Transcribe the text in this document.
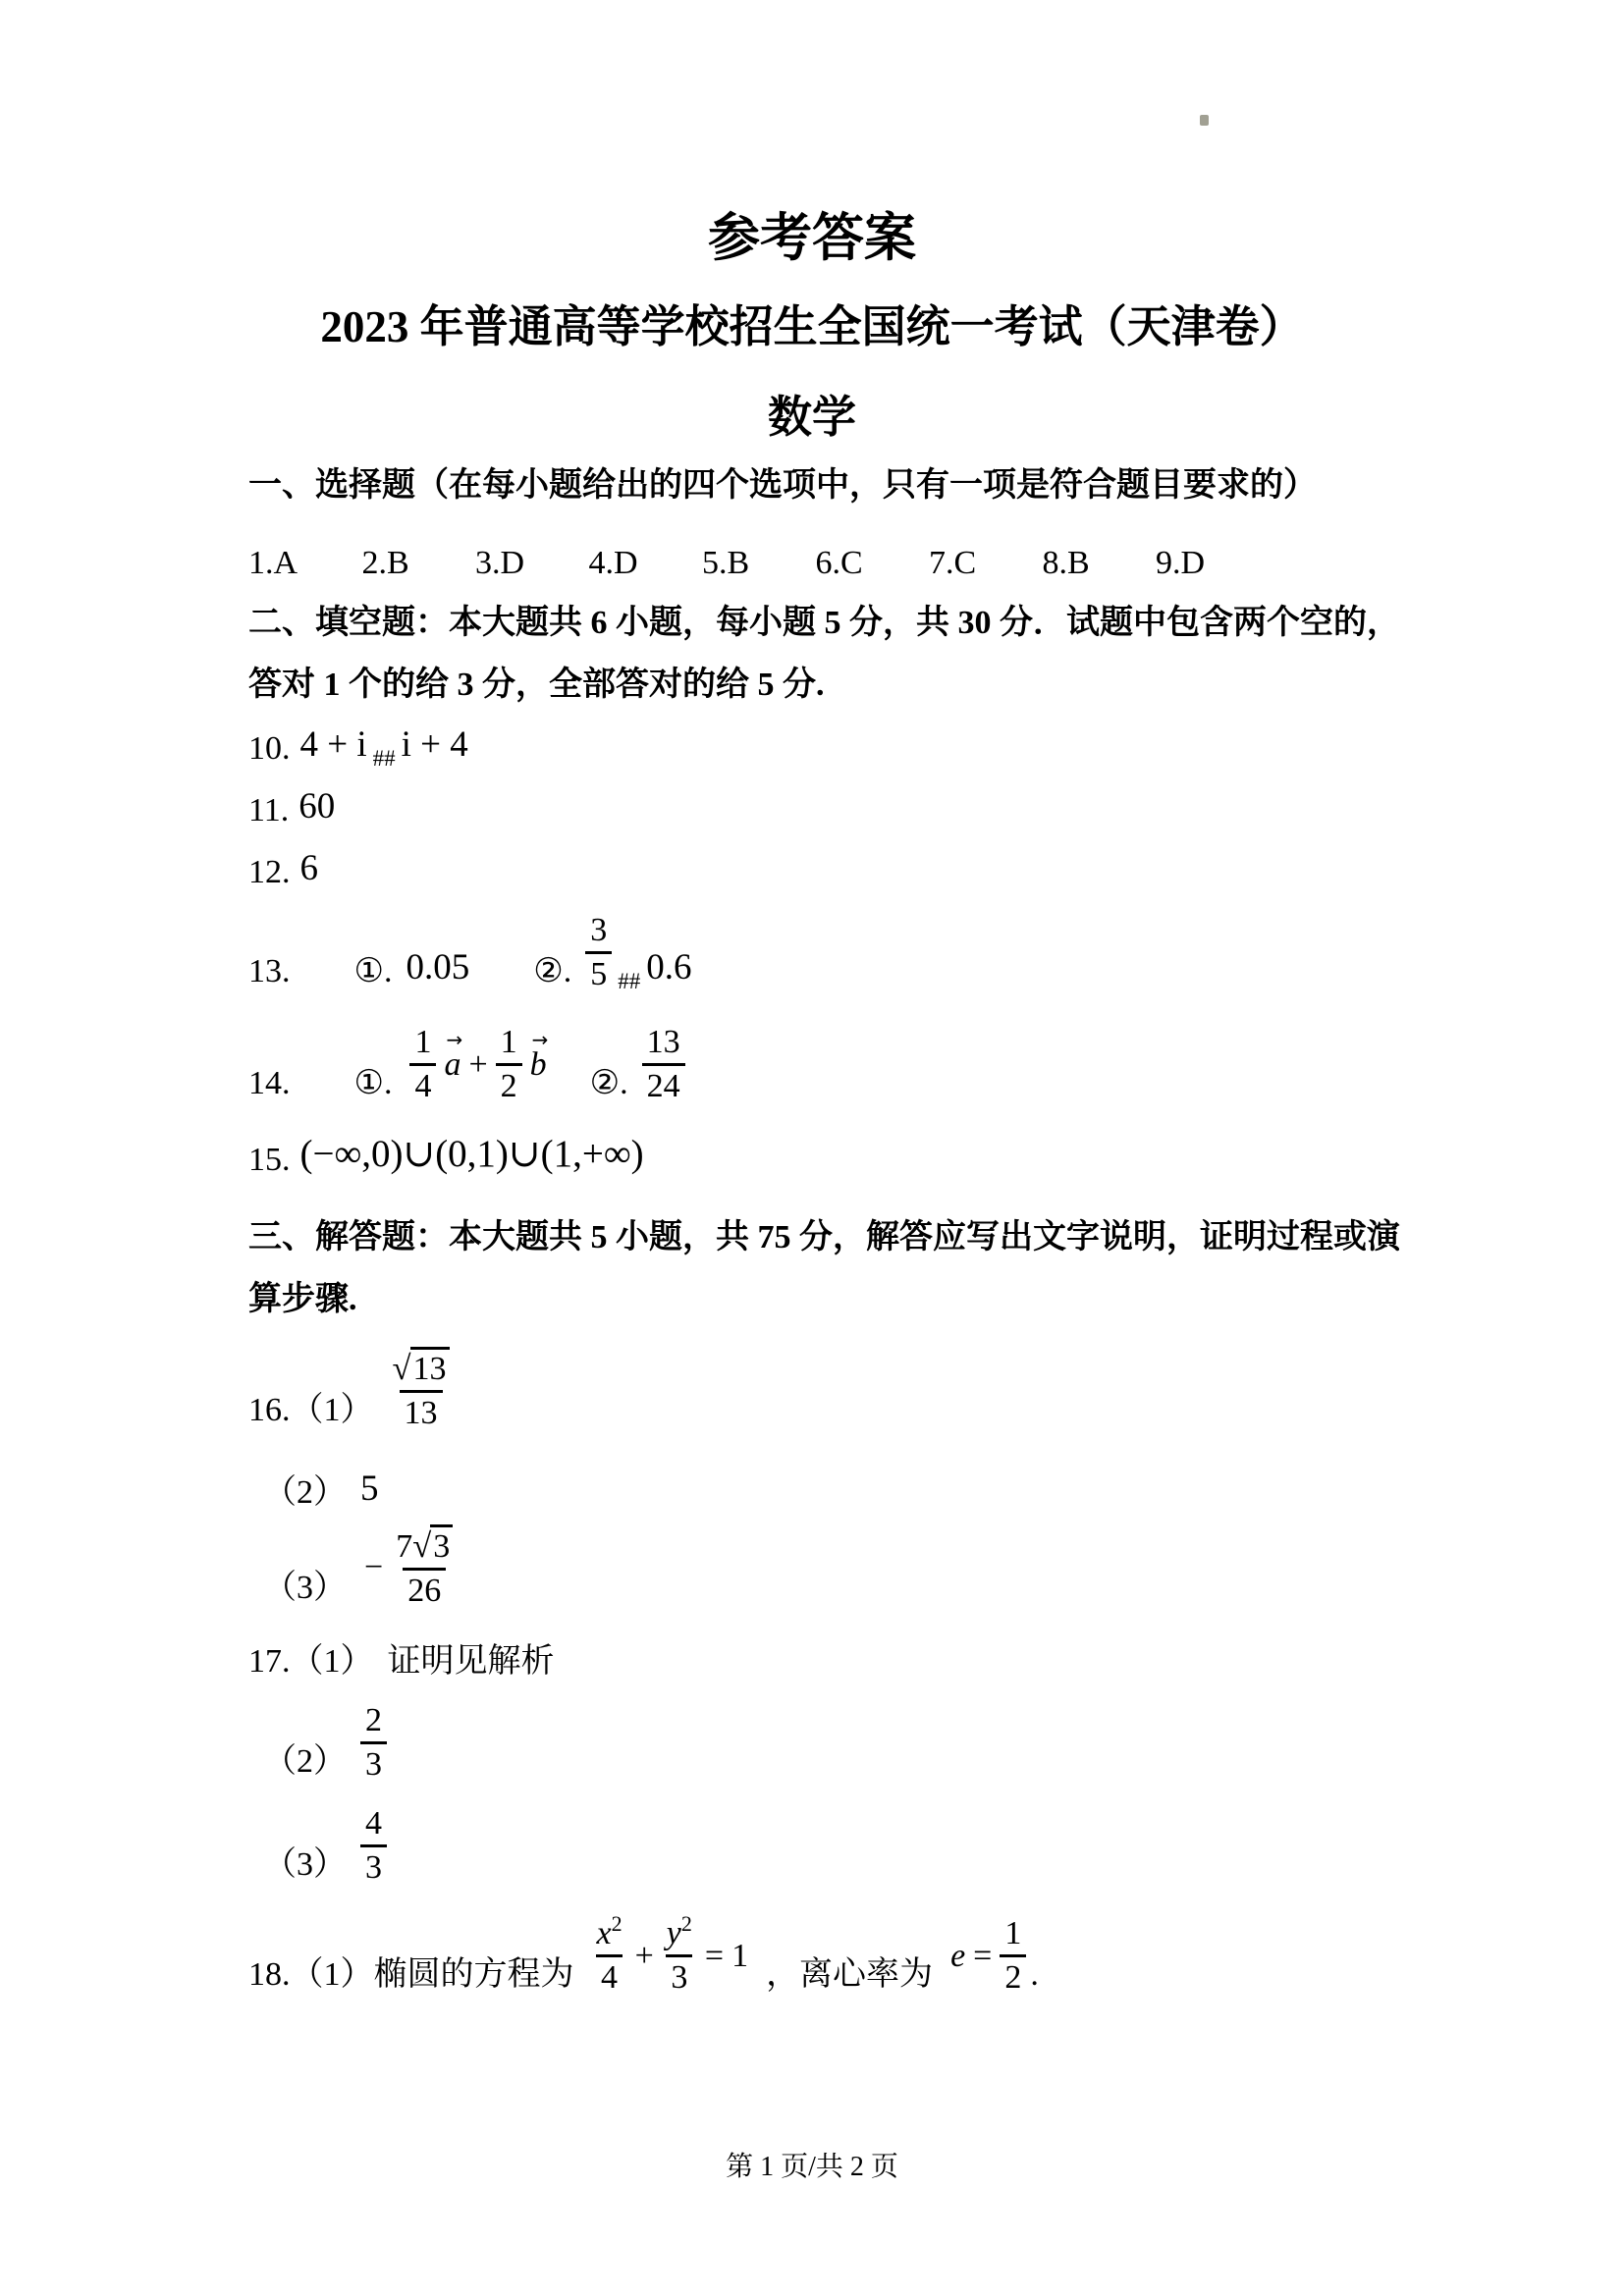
参考答案
2023 年普通高等学校招生全国统一考试（天津卷）
数学
一、选择题（在每小题给出的四个选项中，只有一项是符合题目要求的）
1.A	2.B	3.D	4.D	5.B	6.C	7.C	8.B	9.D
二、填空题：本大题共 6 小题，每小题 5 分，共 30 分．试题中包含两个空的，
答对 1 个的给 3 分，全部答对的给 5 分.
10. 4 + i ## i + 4
11. 60
12. 6
13. ①. 0.05 ②. $\frac{3}{5}$ ## 0.6
14. ①. $\frac{1}{4}$ a
→
+ $\frac{1}{2}$ b
→
②. $\frac{13}{24}$
15. (−∞,0)∪(0,1)∪(1,+∞)
三、解答题：本大题共 5 小题，共 75 分，解答应写出文字说明，证明过程或演
算步骤.
16. $(1) \frac{√13}{13}$
（2） 5
（3）
− $\frac{7√3}{26}$
17. （1） 证明见解析
$(2) \frac{2}{3}$
$(3) \frac{4}{3}$
18. （1） 椭圆的方程为 $\frac{x^2}{4} + \frac{y^2}{3} = 1$
，离心率为
$e = \frac{1}{2}$ .
第 1 页/共 2 页
